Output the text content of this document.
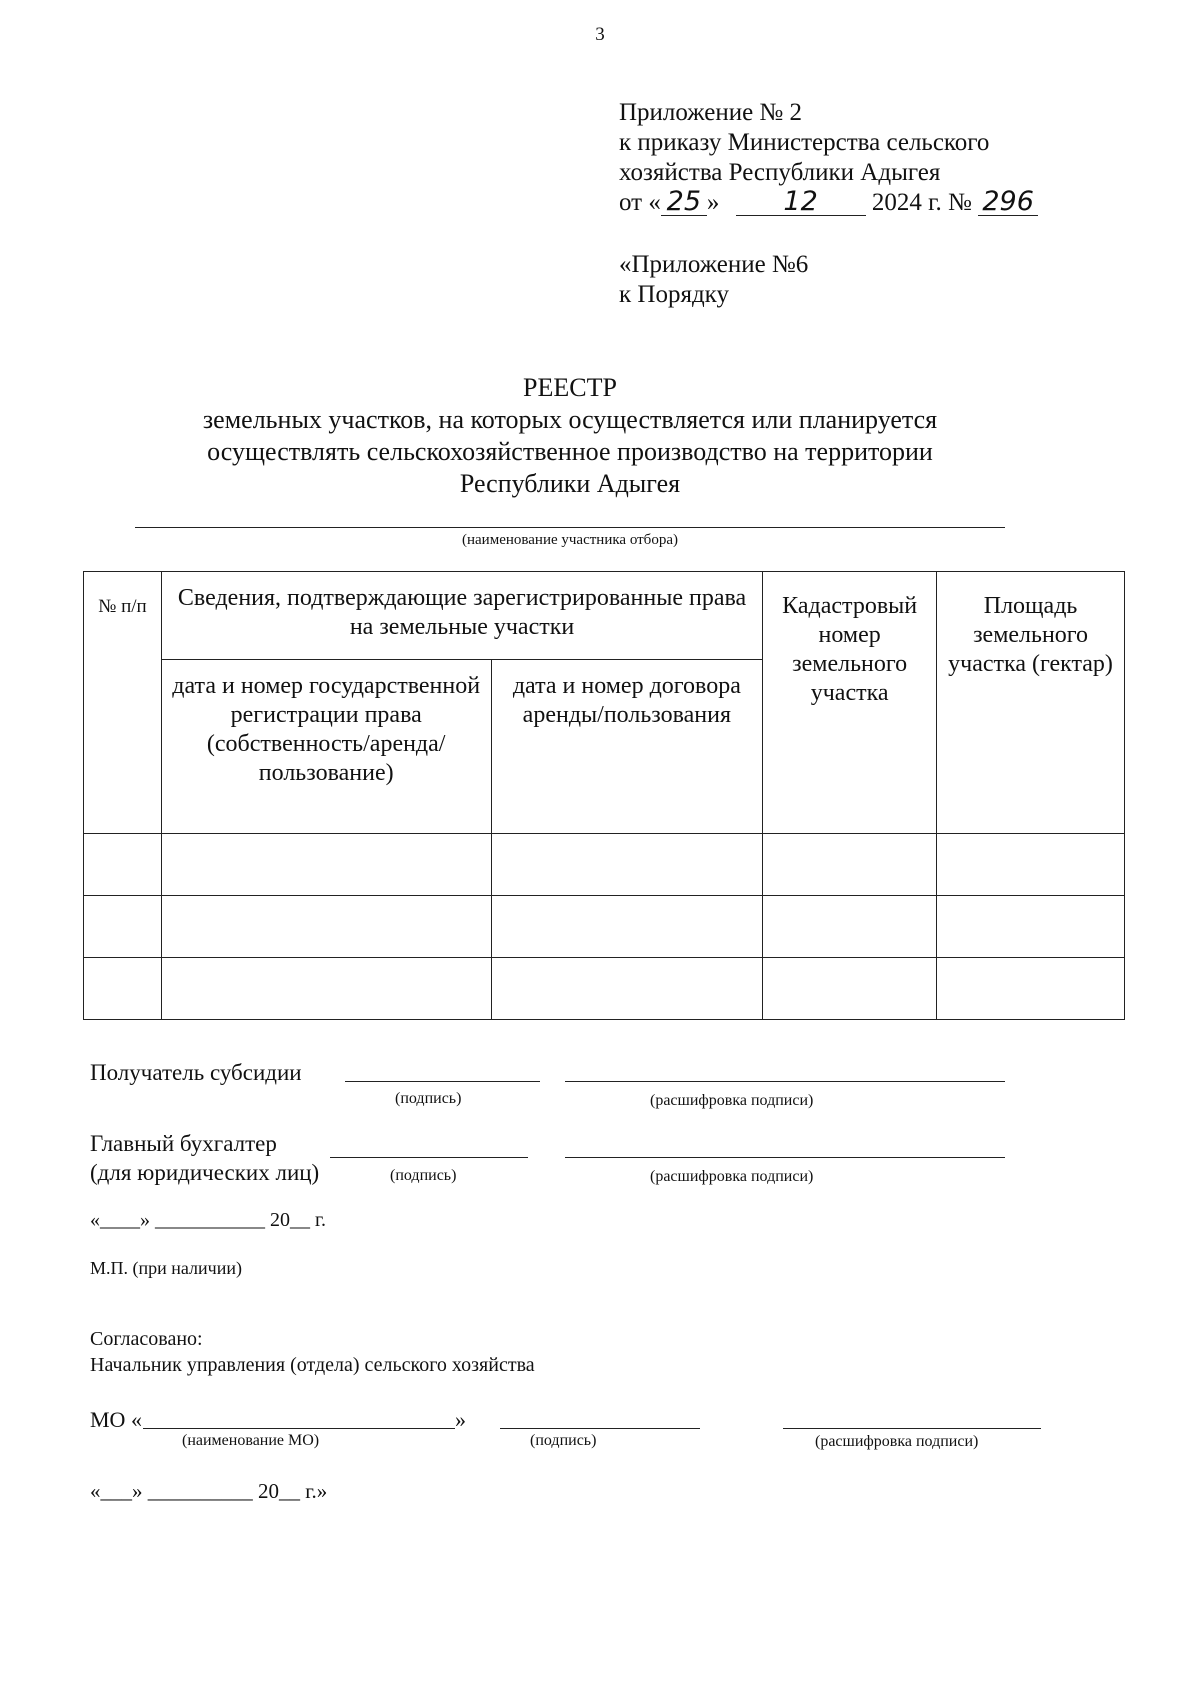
3
Приложение № 2
к приказу Министерства сельского
хозяйства Республики Адыгея
от « 25 » 12 2024 г. № 296
«Приложение №6
к Порядку
РЕЕСТР
земельных участков, на которых осуществляется или планируется
осуществлять сельскохозяйственное производство на территории
Республики Адыгея
(наименование участника отбора)
№ п/п	Сведения, подтверждающие зарегистрированные права на земельные участки		Кадастровый номер земельного участка	Площадь земельного участка (гектар)
	дата и номер государственной регистрации права (собственность/аренда/ пользование)	дата и номер договора аренды/пользования		

Получатель субсидии
(подпись)	(расшифровка подписи)
Главный бухгалтер
(для юридических лиц)	(подпись)	(расшифровка подписи)
«____» ___________ 20__ г.
М.П. (при наличии)
Согласовано:
Начальник управления (отдела) сельского хозяйства
МО «	»
(наименование МО)	(подпись)	(расшифровка подписи)
«___» __________ 20__ г.»
